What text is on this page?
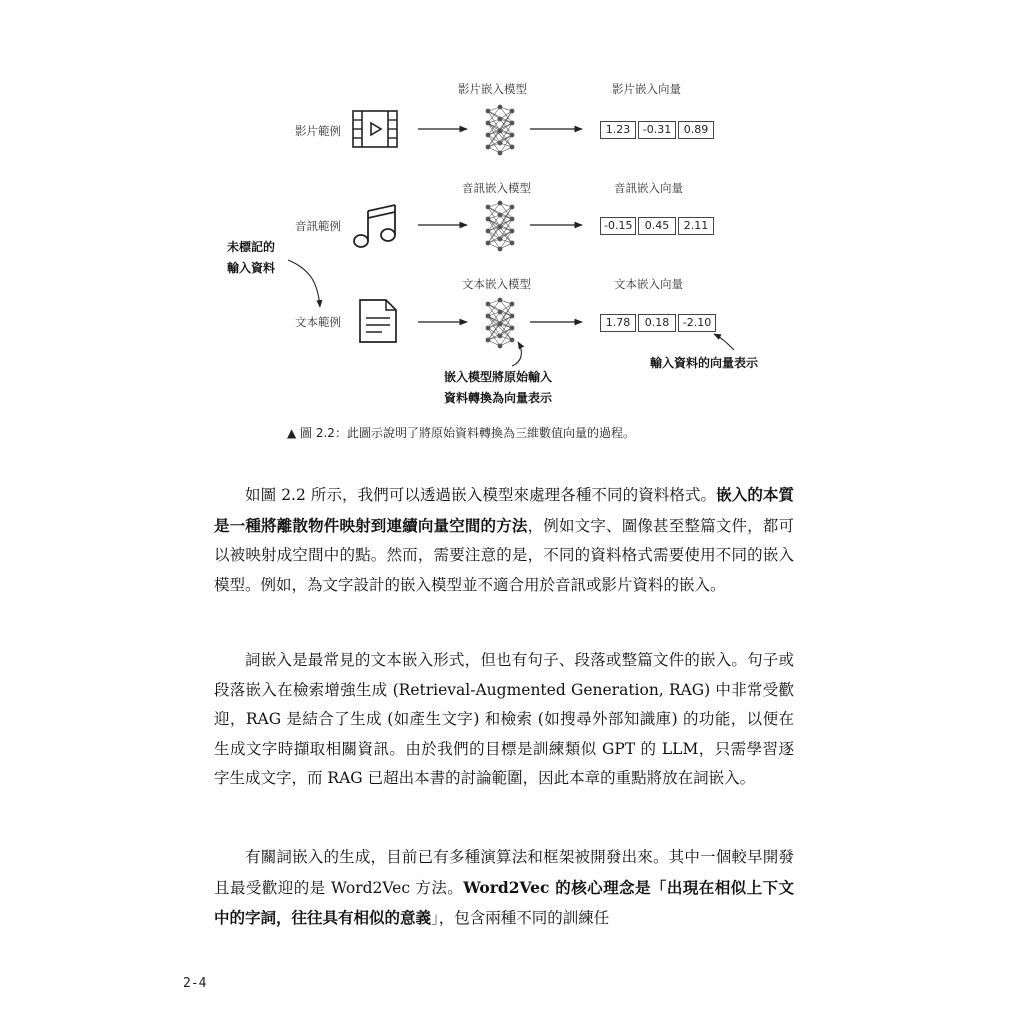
影片嵌入模型	影片嵌入向量
影片範例
音訊嵌入模型	音訊嵌入向量
音訊範例
文本嵌入模型	文本嵌入向量
文本範例
1.23	-0.31	0.89
-0.15	0.45	2.11
1.78	0.18	-2.10
未標記的
輸入資料
嵌入模型將原始輸入
資料轉換為向量表示
輸入資料的向量表示
▲ 圖 2.2：此圖示說明了將原始資料轉換為三維數值向量的過程。

如圖 2.2 所示，我們可以透過嵌入模型來處理各種不同的資料格式。嵌入的本質是一種將離散物件映射到連續向量空間的方法，例如文字、圖像甚至整篇文件，都可以被映射成空間中的點。然而，需要注意的是，不同的資料格式需要使用不同的嵌入模型。例如，為文字設計的嵌入模型並不適合用於音訊或影片資料的嵌入。

詞嵌入是最常見的文本嵌入形式，但也有句子、段落或整篇文件的嵌入。句子或段落嵌入在檢索增強生成 (Retrieval-Augmented Generation, RAG) 中非常受歡迎，RAG 是結合了生成 (如產生文字) 和檢索 (如搜尋外部知識庫) 的功能，以便在生成文字時擷取相關資訊。由於我們的目標是訓練類似 GPT 的 LLM，只需學習逐字生成文字，而 RAG 已超出本書的討論範圍，因此本章的重點將放在詞嵌入。

有關詞嵌入的生成，目前已有多種演算法和框架被開發出來。其中一個較早開發且最受歡迎的是 Word2Vec 方法。Word2Vec 的核心理念是「出現在相似上下文中的字詞，往往具有相似的意義」，包含兩種不同的訓練任

2-4
